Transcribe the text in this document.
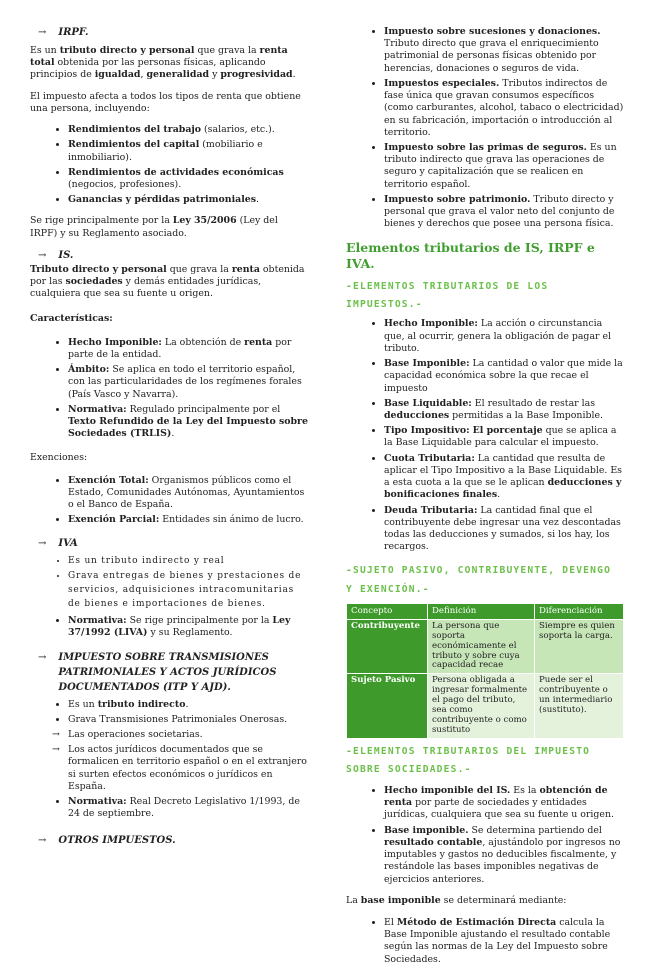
→ IRPF.

Es un tributo directo y personal que grava la renta total obtenida por las personas físicas, aplicando principios de igualdad, generalidad y progresividad.

El impuesto afecta a todos los tipos de renta que obtiene una persona, incluyendo:

• Rendimientos del trabajo (salarios, etc.).
• Rendimientos del capital (mobiliario e inmobiliario).
• Rendimientos de actividades económicas (negocios, profesiones).
• Ganancias y pérdidas patrimoniales.

Se rige principalmente por la Ley 35/2006 (Ley del IRPF) y su Reglamento asociado.

→ IS.

Tributo directo y personal que grava la renta obtenida por las sociedades y demás entidades jurídicas, cualquiera que sea su fuente u origen.

Características:

• Hecho Imponible: La obtención de renta por parte de la entidad.
• Ámbito: Se aplica en todo el territorio español, con las particularidades de los regímenes forales (País Vasco y Navarra).
• Normativa: Regulado principalmente por el Texto Refundido de la Ley del Impuesto sobre Sociedades (TRLIS).

Exenciones:

• Exención Total: Organismos públicos como el Estado, Comunidades Autónomas, Ayuntamientos o el Banco de España.
• Exención Parcial: Entidades sin ánimo de lucro.
→ IVA
• Es un tributo indirecto y real
• Grava entregas de bienes y prestaciones de servicios, adquisiciones intracomunitarias de bienes e importaciones de bienes.
• Normativa: Se rige principalmente por la Ley 37/1992 (LIVA) y su Reglamento.
→ IMPUESTO SOBRE TRANSMISIONES PATRIMONIALES Y ACTOS JURÍDICOS DOCUMENTADOS (ITP Y AJD).
• Es un tributo indirecto.
• Grava Transmisiones Patrimoniales Onerosas.
→ Las operaciones societarias.
→ Los actos jurídicos documentados que se formalicen en territorio español o en el extranjero si surten efectos económicos o jurídicos en España.
• Normativa: Real Decreto Legislativo 1/1993, de 24 de septiembre.
→ OTROS IMPUESTOS.
• Impuesto sobre sucesiones y donaciones. Tributo directo que grava el enriquecimiento patrimonial de personas físicas obtenido por herencias, donaciones o seguros de vida.
• Impuestos especiales. Tributos indirectos de fase única que gravan consumos específicos (como carburantes, alcohol, tabaco o electricidad) en su fabricación, importación o introducción al territorio.
• Impuesto sobre las primas de seguros. Es un tributo indirecto que grava las operaciones de seguro y capitalización que se realicen en territorio español.
• Impuesto sobre patrimonio. Tributo directo y personal que grava el valor neto del conjunto de bienes y derechos que posee una persona física.
Elementos tributarios de IS, IRPF e IVA.
-ELEMENTOS TRIBUTARIOS DE LOS IMPUESTOS.-
• Hecho Imponible: La acción o circunstancia que, al ocurrir, genera la obligación de pagar el tributo.
• Base Imponible: La cantidad o valor que mide la capacidad económica sobre la que recae el impuesto
• Base Liquidable: El resultado de restar las deducciones permitidas a la Base Imponible.
• Tipo Impositivo: El porcentaje que se aplica a la Base Liquidable para calcular el impuesto.
• Cuota Tributaria: La cantidad que resulta de aplicar el Tipo Impositivo a la Base Liquidable. Es a esta cuota a la que se le aplican deducciones y bonificaciones finales.
• Deuda Tributaria: La cantidad final que el contribuyente debe ingresar una vez descontadas todas las deducciones y sumados, si los hay, los recargos.
-SUJETO PASIVO, CONTRIBUYENTE, DEVENGO Y EXENCIÓN.-
Concepto	Definición	Diferenciación
Contribuyente	La persona que soporta económicamente el tributo y sobre cuya capacidad recae	Siempre es quien soporta la carga.
Sujeto Pasivo	Persona obligada a ingresar formalmente el pago del tributo, sea como contribuyente o como sustituto	Puede ser el contribuyente o un intermediario (sustituto).
-ELEMENTOS TRIBUTARIOS DEL IMPUESTO SOBRE SOCIEDADES.-
• Hecho imponible del IS. Es la obtención de renta por parte de sociedades y entidades jurídicas, cualquiera que sea su fuente u origen.
• Base imponible. Se determina partiendo del resultado contable, ajustándolo por ingresos no imputables y gastos no deducibles fiscalmente, y restándole las bases imponibles negativas de ejercicios anteriores.

La base imponible se determinará mediante:

• El Método de Estimación Directa calcula la Base Imponible ajustando el resultado contable según las normas de la Ley del Impuesto sobre Sociedades.
